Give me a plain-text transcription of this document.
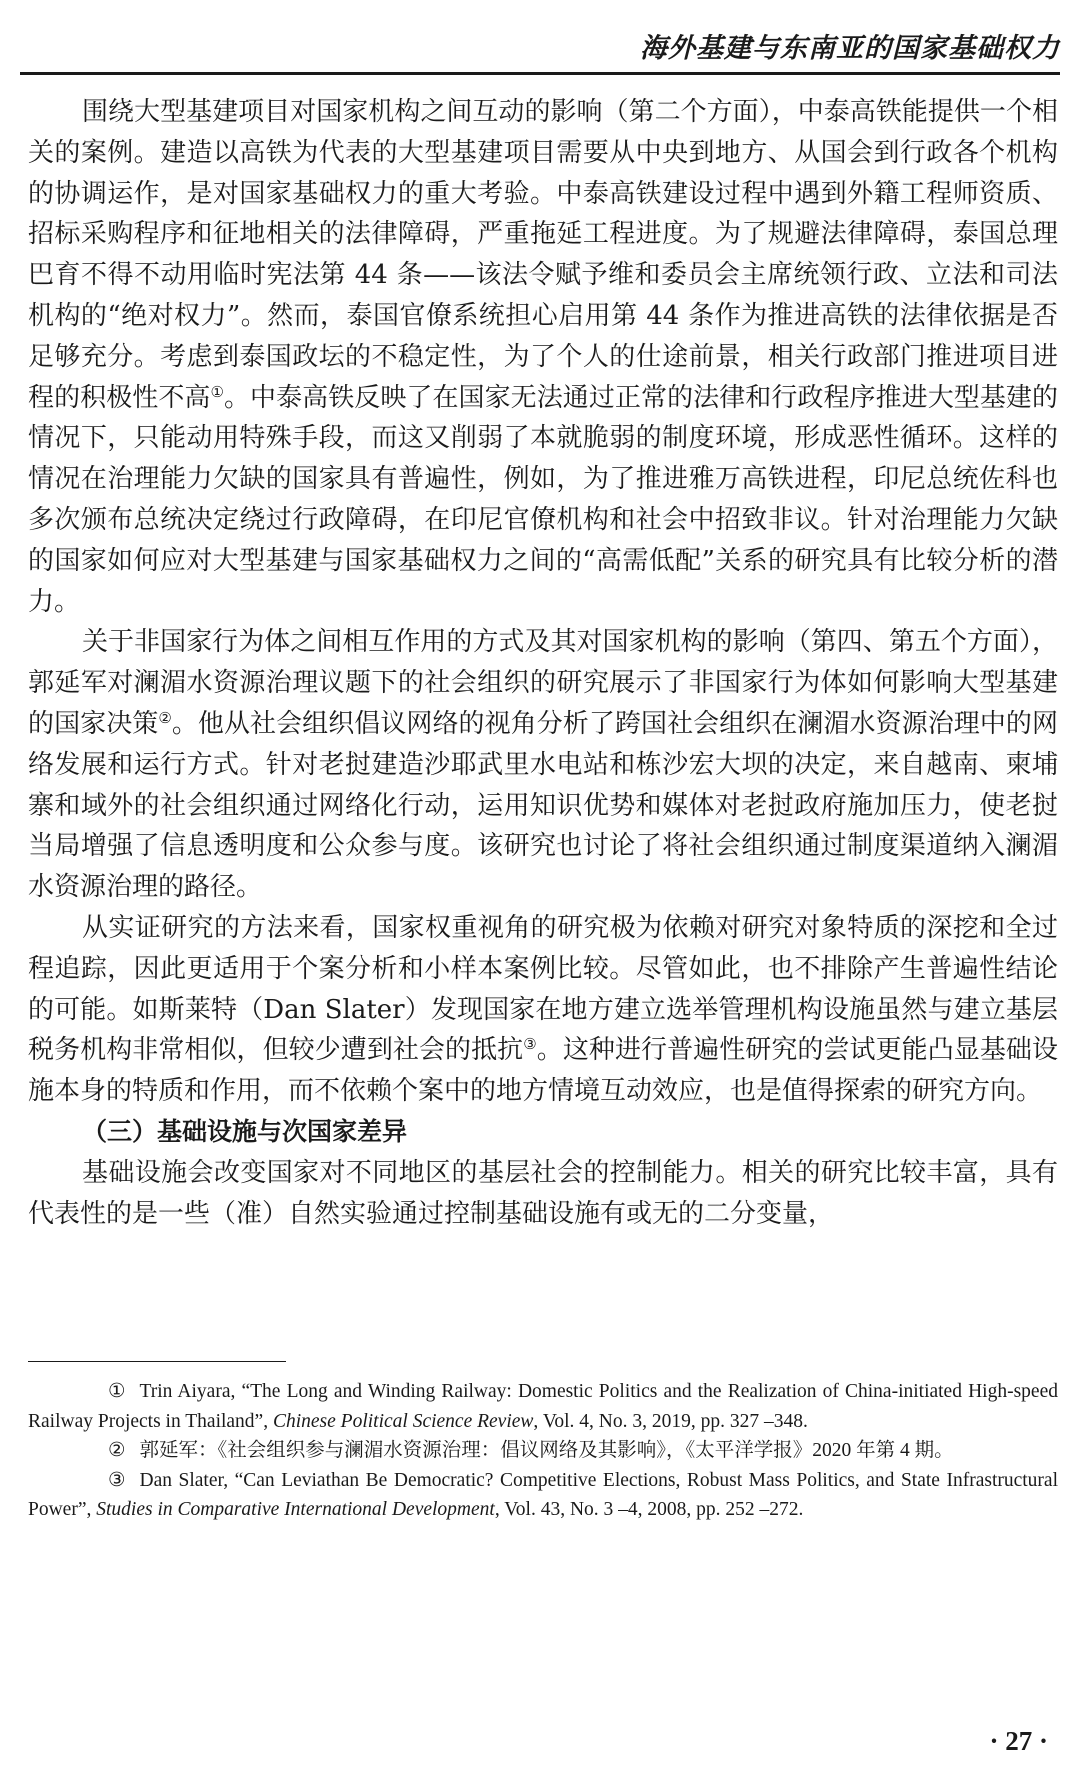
海外基建与东南亚的国家基础权力

围绕大型基建项目对国家机构之间互动的影响（第二个方面），中泰高铁能提供一个相关的案例。建造以高铁为代表的大型基建项目需要从中央到地方、从国会到行政各个机构的协调运作，是对国家基础权力的重大考验。中泰高铁建设过程中遇到外籍工程师资质、招标采购程序和征地相关的法律障碍，严重拖延工程进度。为了规避法律障碍，泰国总理巴育不得不动用临时宪法第 44 条——该法令赋予维和委员会主席统领行政、立法和司法机构的“绝对权力”。然而，泰国官僚系统担心启用第 44 条作为推进高铁的法律依据是否足够充分。考虑到泰国政坛的不稳定性，为了个人的仕途前景，相关行政部门推进项目进程的积极性不高①。中泰高铁反映了在国家无法通过正常的法律和行政程序推进大型基建的情况下，只能动用特殊手段，而这又削弱了本就脆弱的制度环境，形成恶性循环。这样的情况在治理能力欠缺的国家具有普遍性，例如，为了推进雅万高铁进程，印尼总统佐科也多次颁布总统决定绕过行政障碍，在印尼官僚机构和社会中招致非议。针对治理能力欠缺的国家如何应对大型基建与国家基础权力之间的“高需低配”关系的研究具有比较分析的潜力。

关于非国家行为体之间相互作用的方式及其对国家机构的影响（第四、第五个方面），郭延军对澜湄水资源治理议题下的社会组织的研究展示了非国家行为体如何影响大型基建的国家决策②。他从社会组织倡议网络的视角分析了跨国社会组织在澜湄水资源治理中的网络发展和运行方式。针对老挝建造沙耶武里水电站和栋沙宏大坝的决定，来自越南、柬埔寨和域外的社会组织通过网络化行动，运用知识优势和媒体对老挝政府施加压力，使老挝当局增强了信息透明度和公众参与度。该研究也讨论了将社会组织通过制度渠道纳入澜湄水资源治理的路径。

从实证研究的方法来看，国家权重视角的研究极为依赖对研究对象特质的深挖和全过程追踪，因此更适用于个案分析和小样本案例比较。尽管如此，也不排除产生普遍性结论的可能。如斯莱特（Dan Slater）发现国家在地方建立选举管理机构设施虽然与建立基层税务机构非常相似，但较少遭到社会的抵抗③。这种进行普遍性研究的尝试更能凸显基础设施本身的特质和作用，而不依赖个案中的地方情境互动效应，也是值得探索的研究方向。

（三）基础设施与次国家差异

基础设施会改变国家对不同地区的基层社会的控制能力。相关的研究比较丰富，具有代表性的是一些（准）自然实验通过控制基础设施有或无的二分变量，

① Trin Aiyara, “The Long and Winding Railway: Domestic Politics and the Realization of China-initiated High-speed Railway Projects in Thailand”, Chinese Political Science Review, Vol. 4, No. 3, 2019, pp. 327 –348.

② 郭延军：《社会组织参与澜湄水资源治理：倡议网络及其影响》，《太平洋学报》2020 年第 4 期。

③ Dan Slater, “Can Leviathan Be Democratic? Competitive Elections, Robust Mass Politics, and State Infrastructural Power”, Studies in Comparative International Development, Vol. 43, No. 3 –4, 2008, pp. 252 –272.

· 27 ·
